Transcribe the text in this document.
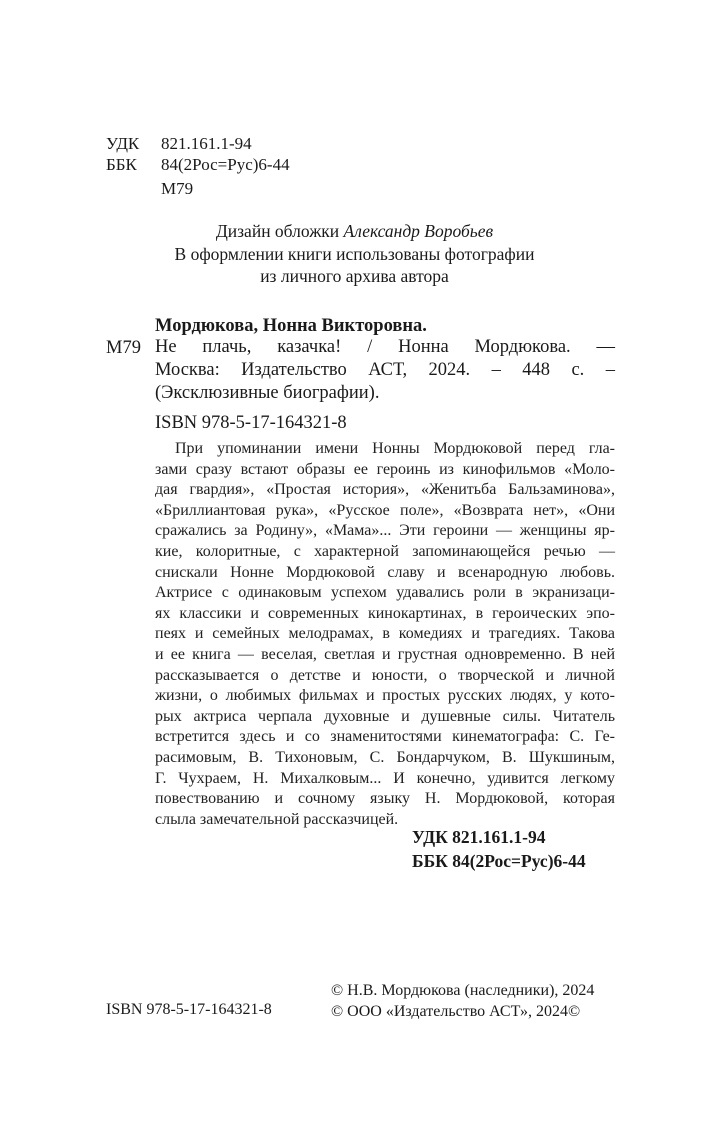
УДК 821.161.1-94
ББК 84(2Рос=Рус)6-44
М79
Дизайн обложки Александр Воробьев
В оформлении книги использованы фотографии
из личного архива автора
Мордюкова, Нонна Викторовна.
М79 Не плачь, казачка! / Нонна Мордюкова. —
Москва: Издательство АСТ, 2024. – 448 с. –
(Эксклюзивные биографии).
ISBN 978-5-17-164321-8
При упоминании имени Нонны Мордюковой перед гла-
зами сразу встают образы ее героинь из кинофильмов «Моло-
дая гвардия», «Простая история», «Женитьба Бальзаминова»,
«Бриллиантовая рука», «Русское поле», «Возврата нет», «Они
сражались за Родину», «Мама»... Эти героини — женщины яр-
кие, колоритные, с характерной запоминающейся речью —
снискали Нонне Мордюковой славу и всенародную любовь.
Актрисе с одинаковым успехом удавались роли в экранизаци-
ях классики и современных кинокартинах, в героических эпо-
пеях и семейных мелодрамах, в комедиях и трагедиях. Такова
и ее книга — веселая, светлая и грустная одновременно. В ней
рассказывается о детстве и юности, о творческой и личной
жизни, о любимых фильмах и простых русских людях, у кото-
рых актриса черпала духовные и душевные силы. Читатель
встретится здесь и со знаменитостями кинематографа: С. Ге-
расимовым, В. Тихоновым, С. Бондарчуком, В. Шукшиным,
Г. Чухраем, Н. Михалковым... И конечно, удивится легкому
повествованию и сочному языку Н. Мордюковой, которая
слыла замечательной рассказчицей.
УДК 821.161.1-94
ББК 84(2Рос=Рус)6-44
© Н.В. Мордюкова (наследники), 2024
© ООО «Издательство АСТ», 2024©
ISBN 978-5-17-164321-8
